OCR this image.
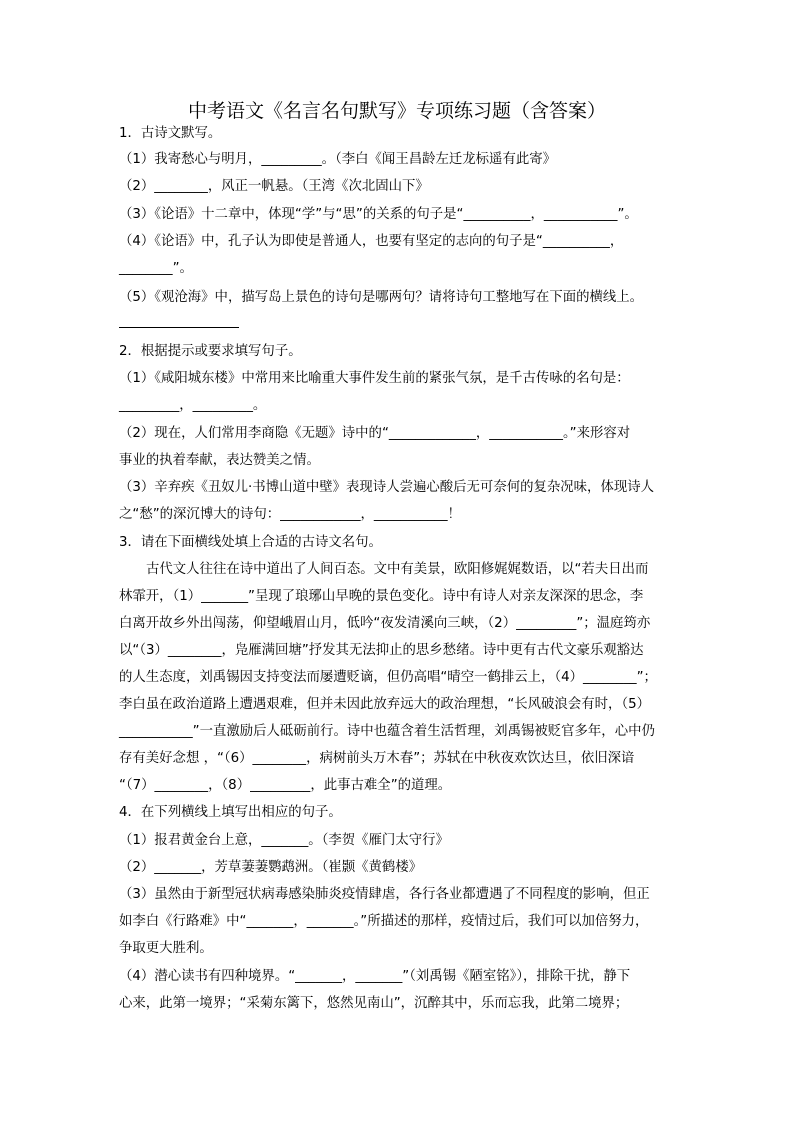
中考语文《名言名句默写》专项练习题（含答案）
1．古诗文默写。
（1）我寄愁心与明月，_________。（李白《闻王昌龄左迁龙标遥有此寄》
（2）________，风正一帆悬。（王湾《次北固山下》
（3）《论语》十二章中，体现“学”与“思”的关系的句子是“__________，___________”。
（4）《论语》中，孔子认为即使是普通人，也要有坚定的志向的句子是“__________，
________”。
（5）《观沧海》中，描写岛上景色的诗句是哪两句？请将诗句工整地写在下面的横线上。
2．根据提示或要求填写句子。
（1）《咸阳城东楼》中常用来比喻重大事件发生前的紧张气氛，是千古传咏的名句是：
_________，_________。
（2）现在，人们常用李商隐《无题》诗中的“_____________，___________。”来形容对
事业的执着奉献，表达赞美之情。
（3）辛弃疾《丑奴儿·书博山道中壁》表现诗人尝遍心酸后无可奈何的复杂况味，体现诗人
之“愁”的深沉博大的诗句：____________，___________！
3．请在下面横线处填上合适的古诗文名句。
古代文人往往在诗中道出了人间百态。文中有美景，欧阳修娓娓数语，以“若夫日出而
林霏开，（1）_______”呈现了琅琊山早晚的景色变化。诗中有诗人对亲友深深的思念，李
白离开故乡外出闯荡，仰望峨眉山月，低吟“夜发清溪向三峡，（2）_________”；温庭筠亦
以“（3）________，凫雁满回塘”抒发其无法抑止的思乡愁绪。诗中更有古代文豪乐观豁达
的人生态度，刘禹锡因支持变法而屡遭贬谪，但仍高唱“晴空一鹤排云上，（4）________”；
李白虽在政治道路上遭遇艰难，但并未因此放弃远大的政治理想，“长风破浪会有时，（5）
___________”一直激励后人砥砺前行。诗中也蕴含着生活哲理，刘禹锡被贬官多年，心中仍
存有美好念想 ，“（6）________，病树前头万木春”；苏轼在中秋夜欢饮达旦，依旧深谙
“（7）________，（8）_________，此事古难全”的道理。
4．在下列横线上填写出相应的句子。
（1）报君黄金台上意，_______。（李贺《雁门太守行》
（2）_______，芳草萋萋鹦鹉洲。（崔颢《黄鹤楼》
（3）虽然由于新型冠状病毒感染肺炎疫情肆虐，各行各业都遭遇了不同程度的影响，但正
如李白《行路难》中“_______，_______。”所描述的那样，疫情过后，我们可以加倍努力，
争取更大胜利。
（4）潜心读书有四种境界。“_______，_______”（刘禹锡《陋室铭》），排除干扰，静下
心来，此第一境界；“采菊东篱下，悠然见南山”，沉醉其中，乐而忘我，此第二境界；
